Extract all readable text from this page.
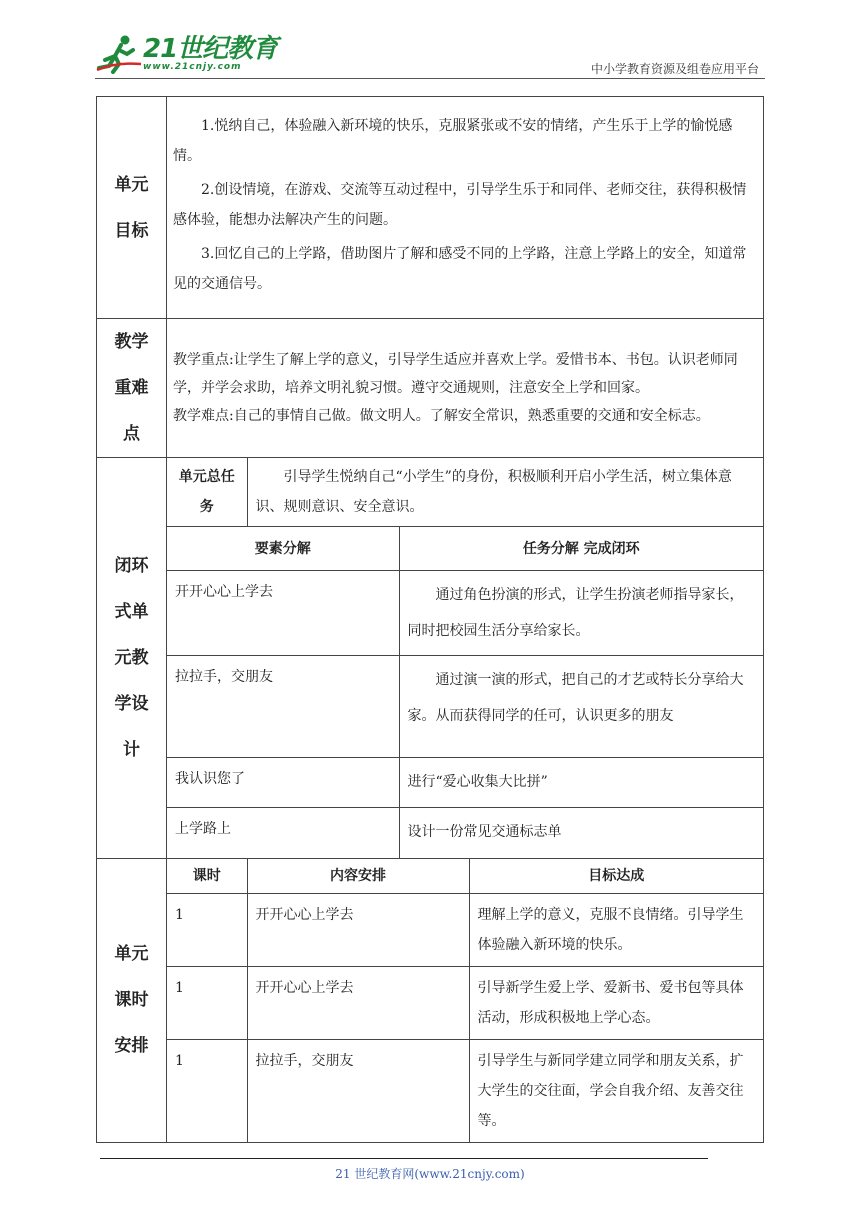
21世纪教育
www.21cnjy.com	中小学教育资源及组卷应用平台
单元目标	

1.悦纳自己，体验融入新环境的快乐，克服紧张或不安的情绪，产生乐于上学的愉悦感情。

2.创设情境，在游戏、交流等互动过程中，引导学生乐于和同伴、老师交往，获得积极情感体验，能想办法解决产生的问题。

3.回忆自己的上学路，借助图片了解和感受不同的上学路，注意上学路上的安全，知道常见的交通信号。

教学重难点	

教学重点:让学生了解上学的意义，引导学生适应并喜欢上学。爱惜书本、书包。认识老师同学，并学会求助，培养文明礼貌习惯。遵守交通规则，注意安全上学和回家。

教学难点:自己的事情自己做。做文明人。了解安全常识，熟悉重要的交通和安全标志。

闭环式单元教学设计	
单元总任务	引导学生悦纳自己“小学生”的身份，积极顺利开启小学生活，树立集体意识、规则意识、安全意识。
要素分解	任务分解 完成闭环
开开心心上学去	通过角色扮演的形式，让学生扮演老师指导家长，同时把校园生活分享给家长。
拉拉手，交朋友	通过演一演的形式，把自己的才艺或特长分享给大家。从而获得同学的任可，认识更多的朋友
我认识您了	进行“爱心收集大比拼”
上学路上	设计一份常见交通标志单

单元课时安排	
课时	内容安排	目标达成
1	开开心心上学去	理解上学的意义，克服不良情绪。引导学生体验融入新环境的快乐。
1	开开心心上学去	引导新学生爱上学、爱新书、爱书包等具体活动，形成积极地上学心态。
1	拉拉手，交朋友	引导学生与新同学建立同学和朋友关系，扩大学生的交往面，学会自我介绍、友善交往等。
21 世纪教育网(www.21cnjy.com)
